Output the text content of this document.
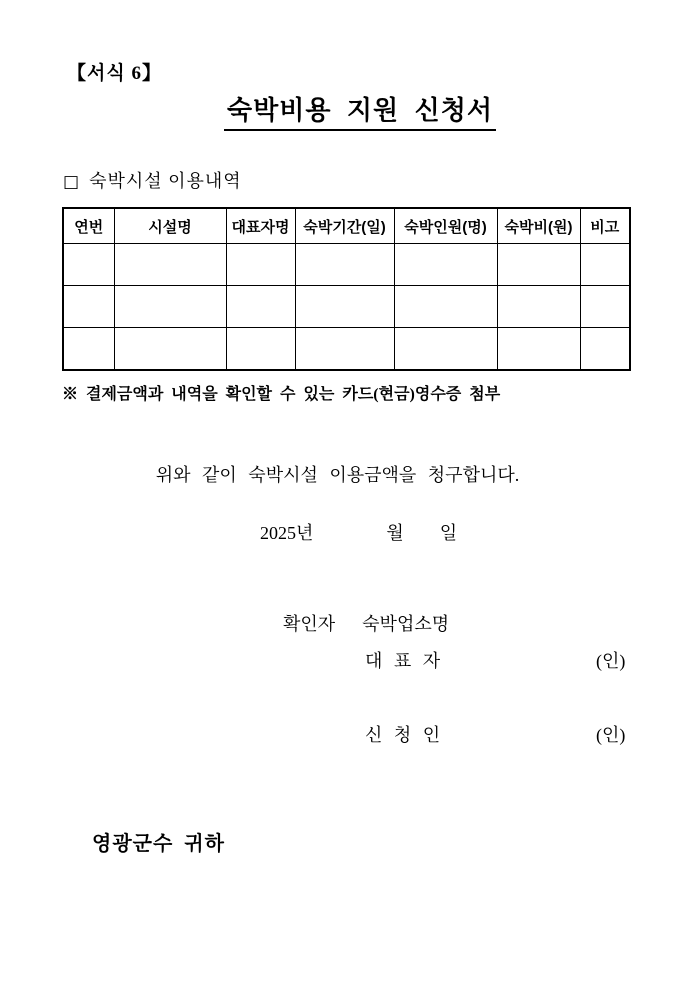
【서식 6】
숙박비용 지원 신청서
□ 숙박시설 이용내역
연번	시설명	대표자명	숙박기간(일)	숙박인원(명)	숙박비(원)	비고

※ 결제금액과 내역을 확인할 수 있는 카드(현금)영수증 첨부
위와 같이 숙박시설 이용금액을 청구합니다.
2025년	월 일
확인자 숙박업소명
대 표 자	(인)
신 청 인	(인)
영광군수 귀하
